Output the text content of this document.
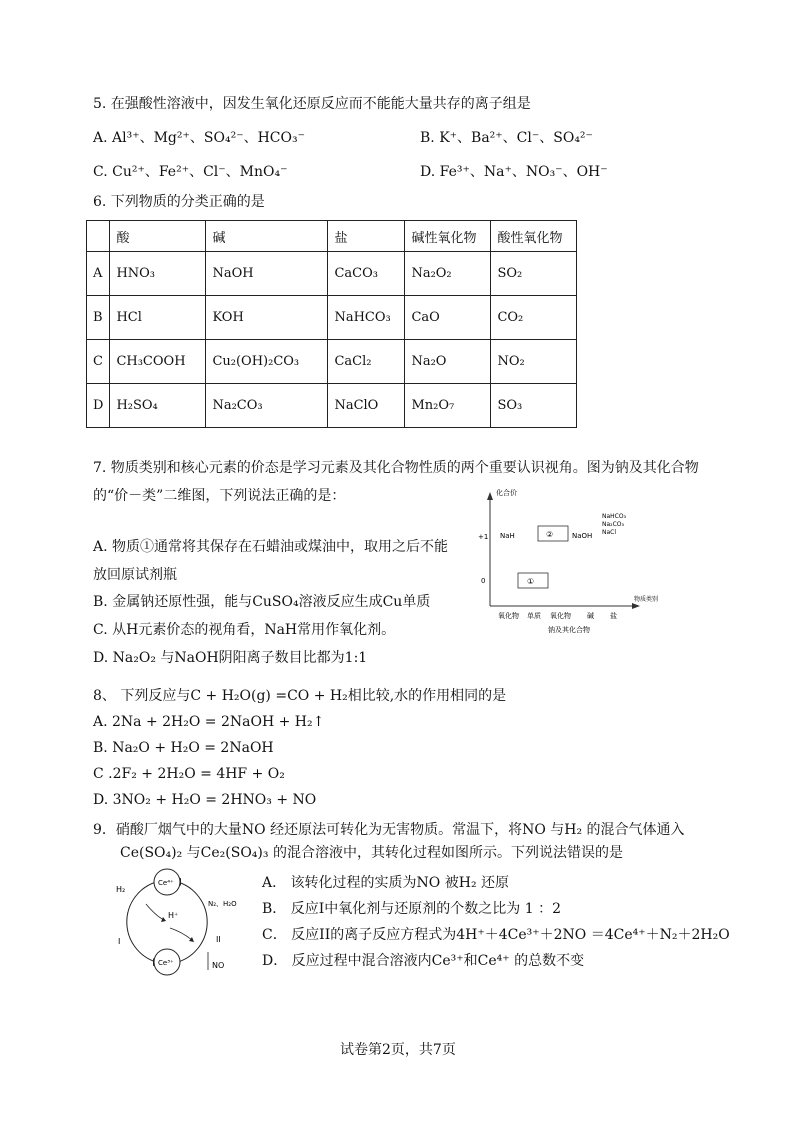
5. 在强酸性溶液中，因发生氧化还原反应而不能能大量共存的离子组是
A. Al³⁺、Mg²⁺、SO₄²⁻、HCO₃⁻	B. K⁺、Ba²⁺、Cl⁻、SO₄²⁻
C. Cu²⁺、Fe²⁺、Cl⁻、MnO₄⁻	D. Fe³⁺、Na⁺、NO₃⁻、OH⁻
6. 下列物质的分类正确的是
	酸	碱	盐	碱性氧化物	酸性氧化物
A	HNO₃	NaOH	CaCO₃	Na₂O₂	SO₂
B	HCl	KOH	NaHCO₃	CaO	CO₂
C	CH₃COOH	Cu₂(OH)₂CO₃	CaCl₂	Na₂O	NO₂
D	H₂SO₄	Na₂CO₃	NaClO	Mn₂O₇	SO₃
7. 物质类别和核心元素的价态是学习元素及其化合物性质的两个重要认识视角。图为钠及其化合物
的“价－类”二维图，下列说法正确的是：
A. 物质①通常将其保存在石蜡油或煤油中，取用之后不能
放回原试剂瓶
B. 金属钠还原性强，能与CuSO₄溶液反应生成Cu单质
C. 从H元素价态的视角看，NaH常用作氧化剂。
D. Na₂O₂ 与NaOH阴阳离子数目比都为1:1
化合价
物质类别
+1
0
NaH	②	NaOH
NaHCO₃
Na₂CO₃
NaCl
①
氧化物 单质 氧化物 碱 盐
钠及其化合物
8、 下列反应与C + H₂O(g) =CO + H₂相比较,水的作用相同的是
A. 2Na + 2H₂O = 2NaOH + H₂↑
B. Na₂O + H₂O = 2NaOH
C .2F₂ + 2H₂O = 4HF + O₂
D. 3NO₂ + H₂O = 2HNO₃ + NO
9．硝酸厂烟气中的大量NO 经还原法可转化为无害物质。常温下，将NO 与H₂ 的混合气体通入
Ce(SO₄)₂ 与Ce₂(SO₄)₃ 的混合溶液中，其转化过程如图所示。下列说法错误的是
Ce⁴⁺
Ce³⁺
H₂
H⁺
N₂、H₂O
I	II
NO
A． 该转化过程的实质为NO 被H₂ 还原
B． 反应I中氧化剂与还原剂的个数之比为 1 ：2
C． 反应II的离子反应方程式为4H⁺＋4Ce³⁺＋2NO ＝4Ce⁴⁺＋N₂＋2H₂O
D． 反应过程中混合溶液内Ce³⁺和Ce⁴⁺ 的总数不变
试卷第2页，共7页
